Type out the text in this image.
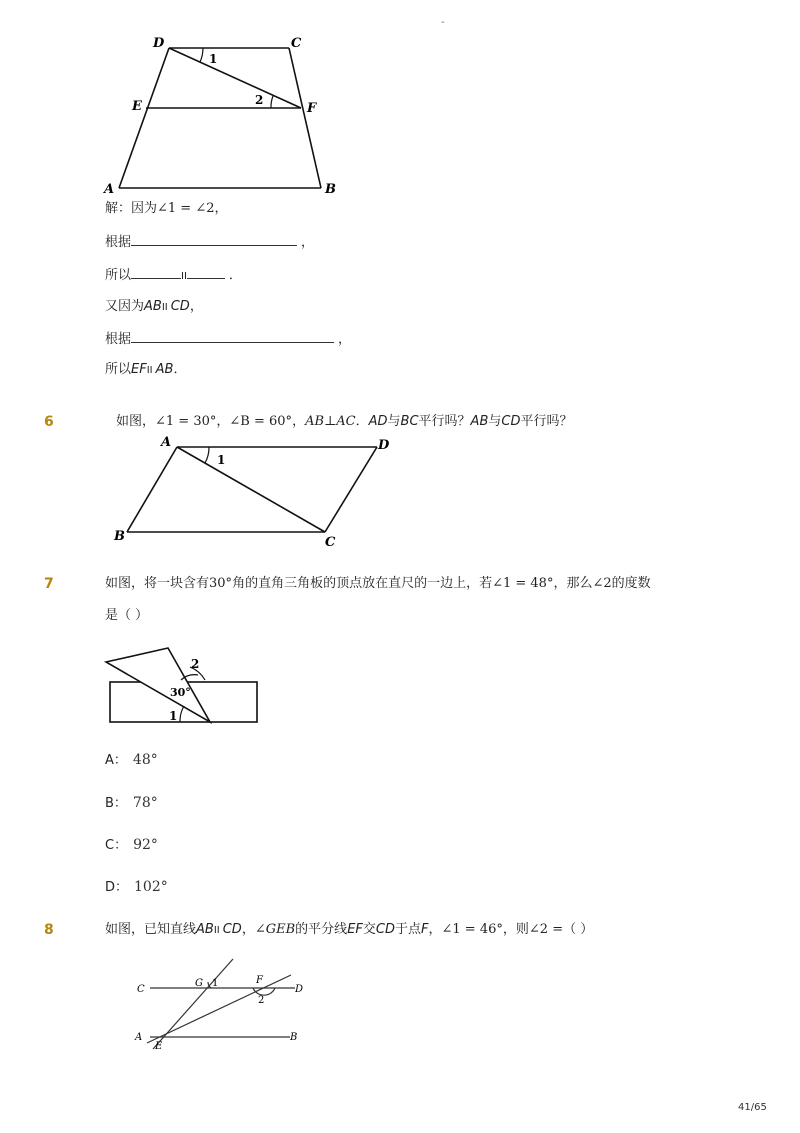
-
D	C
E	F
A	B
1
2
解：因为∠1 = ∠2，
根据	，
所以	II	．
又因为ABII CD，
根据	，
所以EFII AB．
6	如图，∠1 = 30°，∠B = 60°，AB⊥AC．AD与BC平行吗？AB与CD平行吗？
A	D
B	C
1
7	如图，将一块含有30°角的直角三角板的顶点放在直尺的一边上，若∠1 = 48°，那么∠2的度数
是（ ）
2
30°
1
A： 48°
B： 78°
C： 92°
D： 102°
8	如图，已知直线ABII CD，∠GEB的平分线EF交CD于点F，∠1 = 46°，则∠2 =（ ）
C
G 1	F
D
2
A
E
B
41/65
